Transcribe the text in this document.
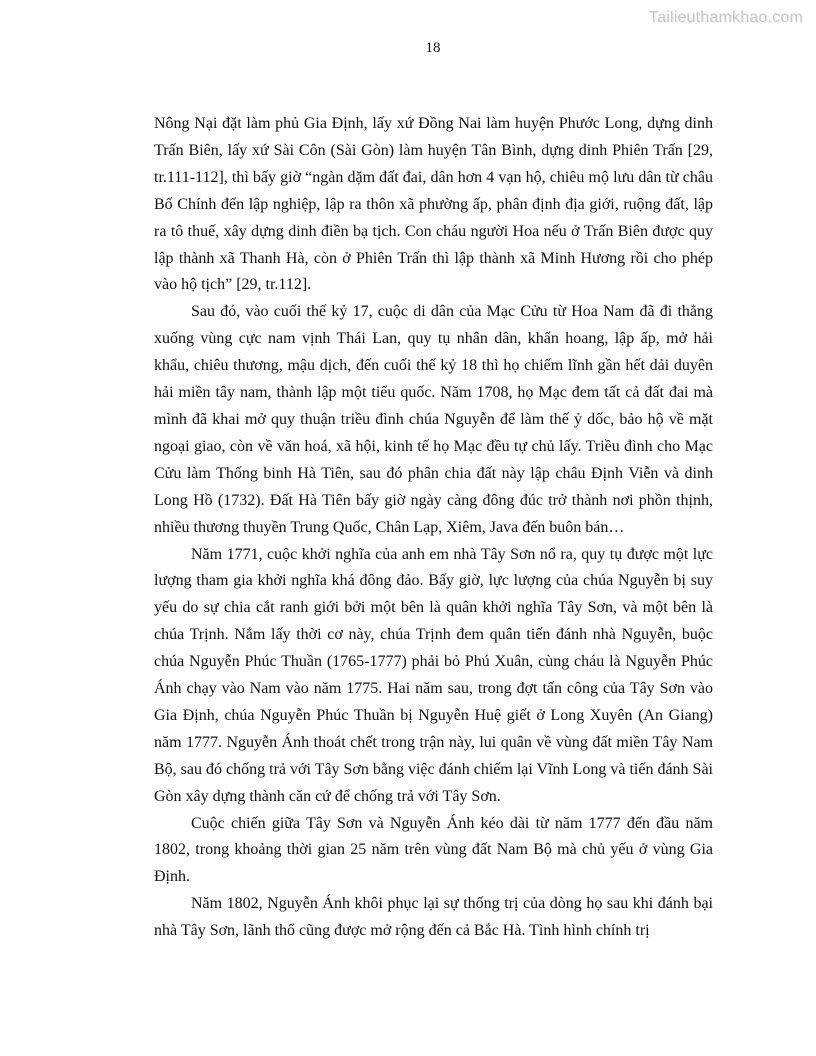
Tailieuthamkhao.com
18

Nông Nại đặt làm phủ Gia Định, lấy xứ Đồng Nai làm huyện Phước Long, dựng dinh Trấn Biên, lấy xứ Sài Côn (Sài Gòn) làm huyện Tân Bình, dựng dinh Phiên Trấn [29, tr.111-112], thì bấy giờ “ngàn dặm đất đai, dân hơn 4 vạn hộ, chiêu mộ lưu dân từ châu Bố Chính đến lập nghiệp, lập ra thôn xã phường ấp, phân định địa giới, ruộng đất, lập ra tô thuế, xây dựng dinh điền bạ tịch. Con cháu người Hoa nếu ở Trấn Biên được quy lập thành xã Thanh Hà, còn ở Phiên Trấn thì lập thành xã Minh Hương rồi cho phép vào hộ tịch” [29, tr.112].

Sau đó, vào cuối thế kỷ 17, cuộc di dân của Mạc Cửu từ Hoa Nam đã đi thẳng xuống vùng cực nam vịnh Thái Lan, quy tụ nhân dân, khẩn hoang, lập ấp, mở hải khẩu, chiêu thương, mậu dịch, đến cuối thế kỷ 18 thì họ chiếm lĩnh gần hết dải duyên hải miền tây nam, thành lập một tiểu quốc. Năm 1708, họ Mạc đem tất cả đất đai mà mình đã khai mở quy thuận triều đình chúa Nguyễn để làm thế ỷ dốc, bảo hộ về mặt ngoại giao, còn về văn hoá, xã hội, kinh tế họ Mạc đều tự chủ lấy. Triều đình cho Mạc Cửu làm Thống binh Hà Tiên, sau đó phân chia đất này lập châu Định Viễn và dinh Long Hồ (1732). Đất Hà Tiên bấy giờ ngày càng đông đúc trở thành nơi phồn thịnh, nhiều thương thuyền Trung Quốc, Chân Lạp, Xiêm, Java đến buôn bán…

Năm 1771, cuộc khởi nghĩa của anh em nhà Tây Sơn nổ ra, quy tụ được một lực lượng tham gia khởi nghĩa khá đông đảo. Bấy giờ, lực lượng của chúa Nguyễn bị suy yếu do sự chia cắt ranh giới bởi một bên là quân khởi nghĩa Tây Sơn, và một bên là chúa Trịnh. Nắm lấy thời cơ này, chúa Trịnh đem quân tiến đánh nhà Nguyễn, buộc chúa Nguyễn Phúc Thuần (1765-1777) phải bỏ Phú Xuân, cùng cháu là Nguyễn Phúc Ánh chạy vào Nam vào năm 1775. Hai năm sau, trong đợt tấn công của Tây Sơn vào Gia Định, chúa Nguyễn Phúc Thuần bị Nguyễn Huệ giết ở Long Xuyên (An Giang) năm 1777. Nguyễn Ánh thoát chết trong trận này, lui quân về vùng đất miền Tây Nam Bộ, sau đó chống trả với Tây Sơn bằng việc đánh chiếm lại Vĩnh Long và tiến đánh Sài Gòn xây dựng thành căn cứ để chống trả với Tây Sơn.

Cuộc chiến giữa Tây Sơn và Nguyễn Ánh kéo dài từ năm 1777 đến đầu năm 1802, trong khoảng thời gian 25 năm trên vùng đất Nam Bộ mà chủ yếu ở vùng Gia Định.

Năm 1802, Nguyễn Ánh khôi phục lại sự thống trị của dòng họ sau khi đánh bại nhà Tây Sơn, lãnh thổ cũng được mở rộng đến cả Bắc Hà. Tình hình chính trị
